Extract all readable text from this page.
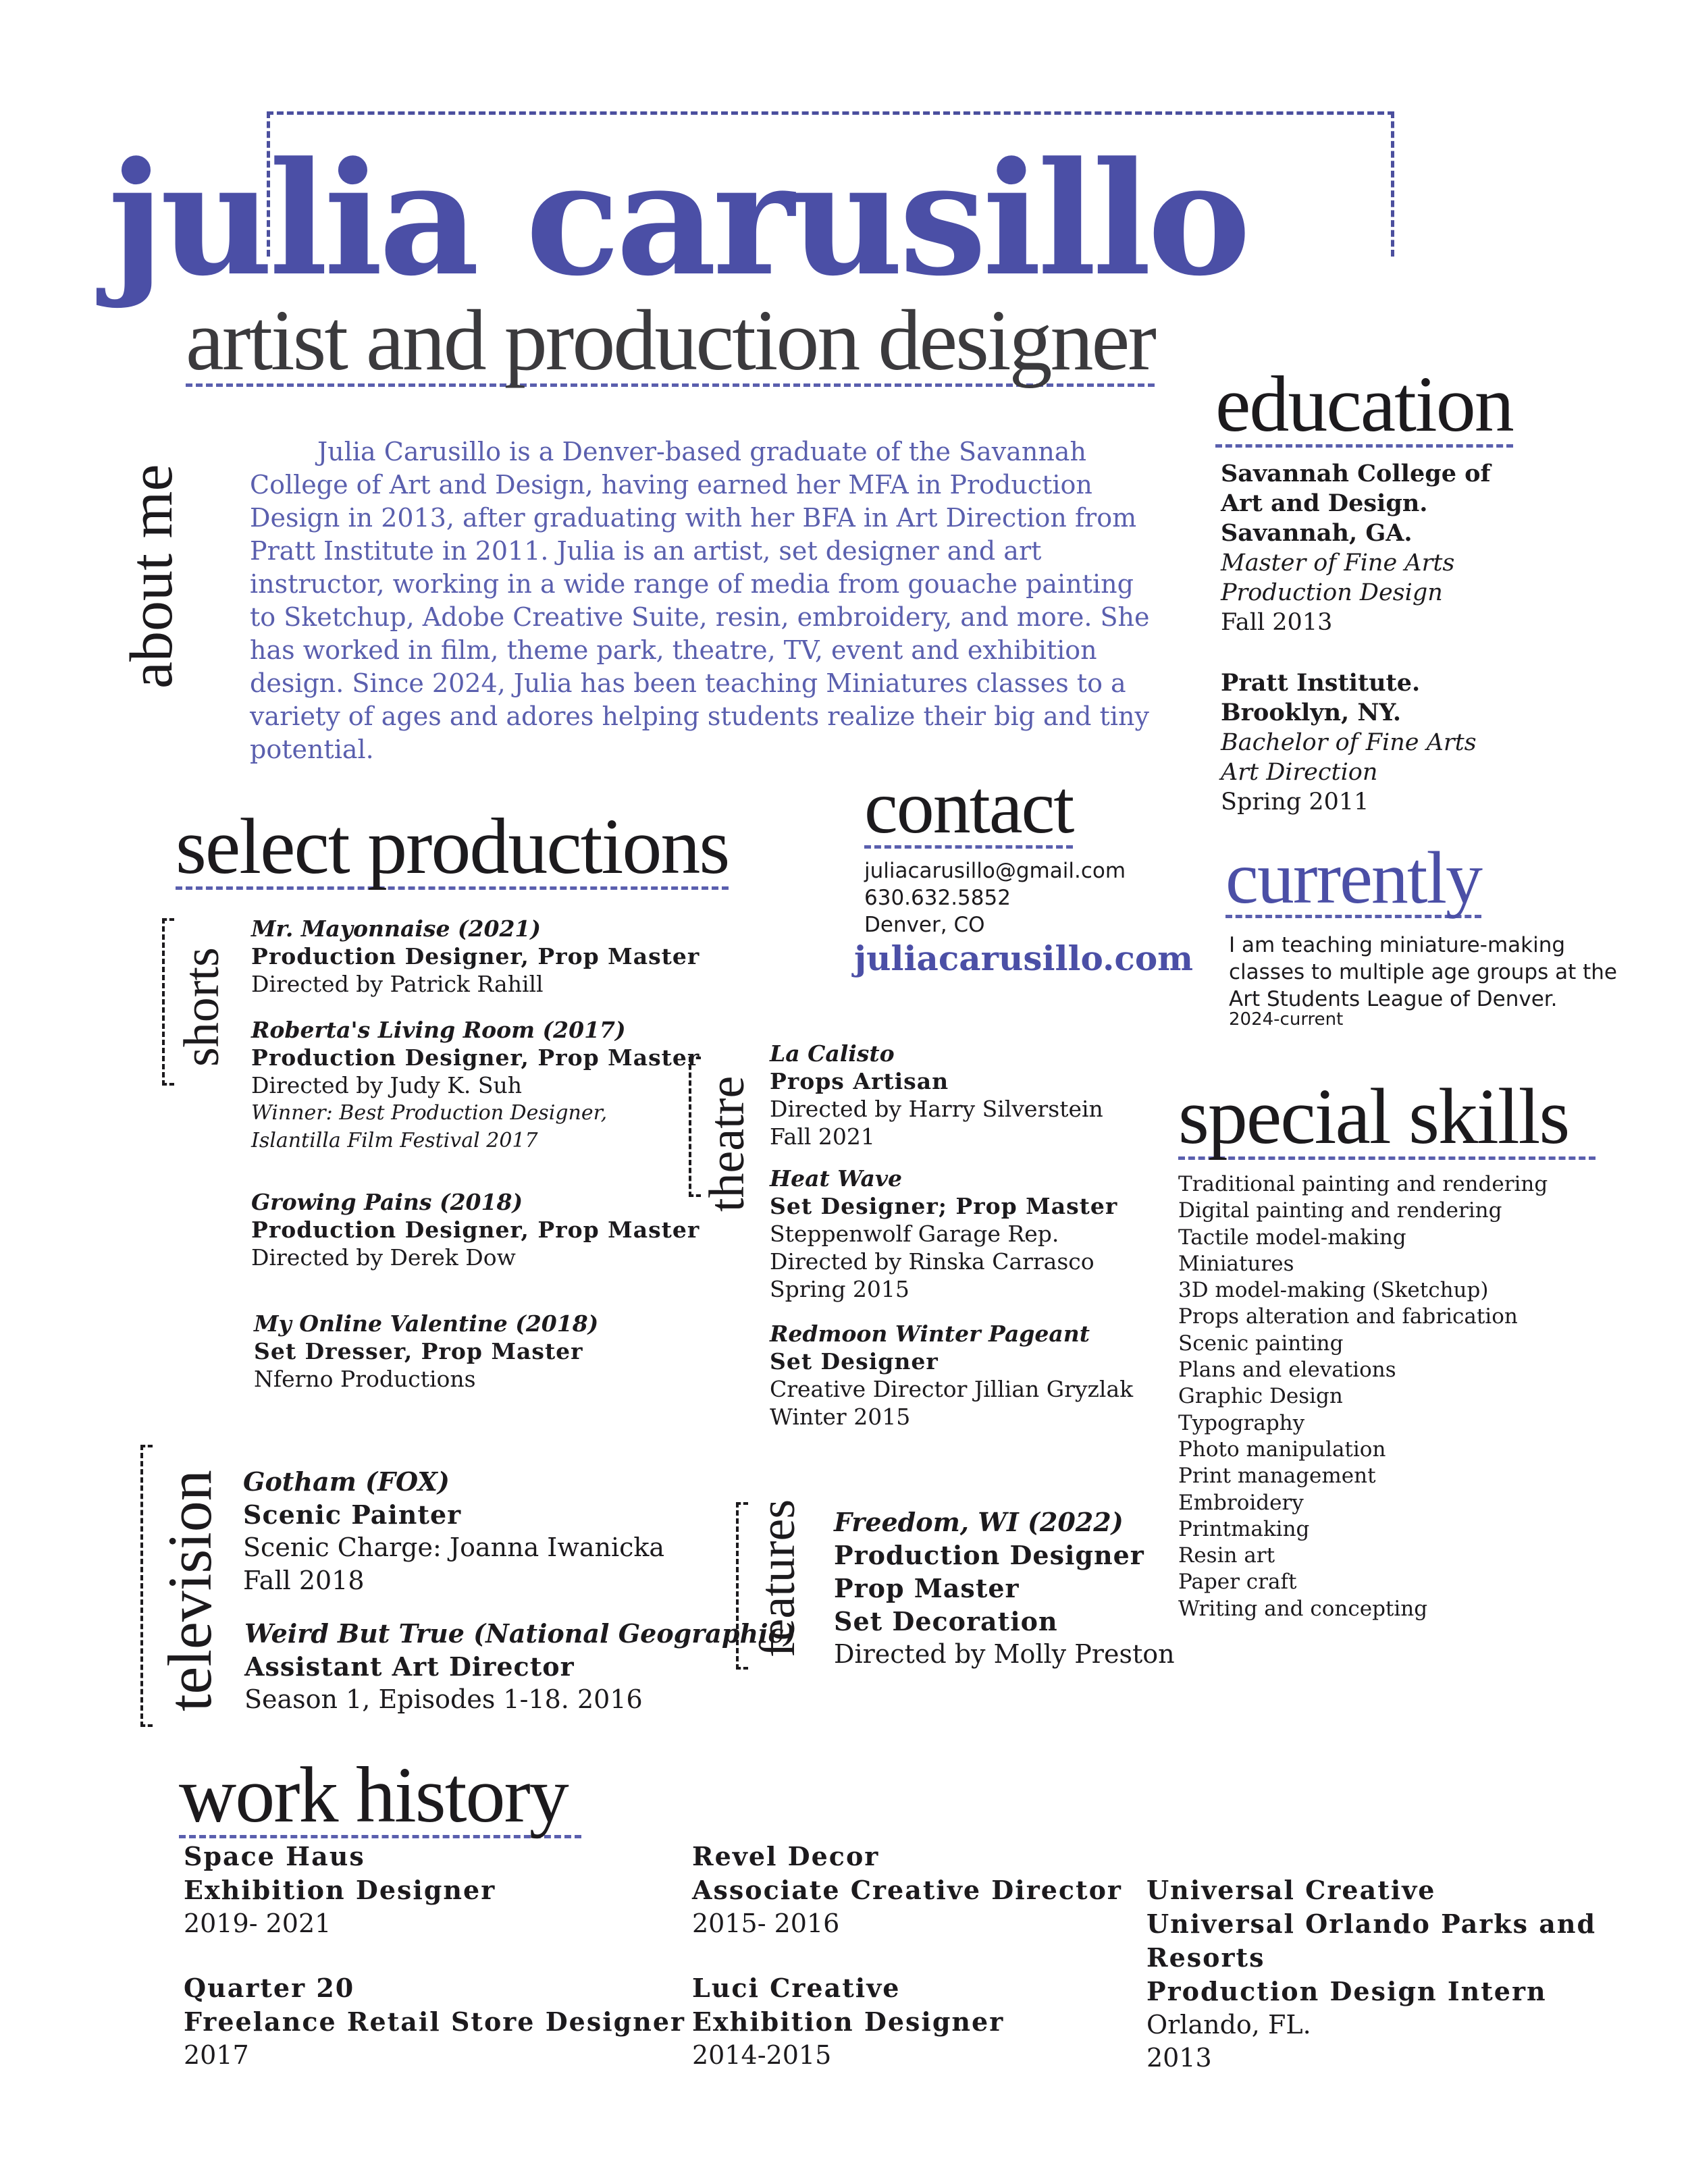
julia carusillo
artist and production designer
about me
Julia Carusillo is a Denver-based graduate of the Savannah College of Art and Design, having earned her MFA in Production Design in 2013, after graduating with her BFA in Art Direction from Pratt Institute in 2011. Julia is an artist, set designer and art instructor, working in a wide range of media from gouache painting to Sketchup, Adobe Creative Suite, resin, embroidery, and more. She has worked in film, theme park, theatre, TV, event and exhibition design. Since 2024, Julia has been teaching Miniatures classes to a variety of ages and adores helping students realize their big and tiny potential.
education
Savannah College of
Art and Design.
Savannah, GA.
Master of Fine Arts
Production Design
Fall 2013
Pratt Institute.
Brooklyn, NY.
Bachelor of Fine Arts
Art Direction
Spring 2011
contact
juliacarusillo@gmail.com
630.632.5852
Denver, CO
juliacarusillo.com
currently
I am teaching miniature-making classes to multiple age groups at the Art Students League of Denver.
2024-current
special skills
Traditional painting and rendering
Digital painting and rendering
Tactile model-making
Miniatures
3D model-making (Sketchup)
Props alteration and fabrication
Scenic painting
Plans and elevations
Graphic Design
Typography
Photo manipulation
Print management
Embroidery
Printmaking
Resin art
Paper craft
Writing and concepting
select productions
shorts
Mr. Mayonnaise (2021)
Production Designer, Prop Master
Directed by Patrick Rahill
Roberta's Living Room (2017)
Production Designer, Prop Master
Directed by Judy K. Suh
Winner: Best Production Designer,
Islantilla Film Festival 2017
Growing Pains (2018)
Production Designer, Prop Master
Directed by Derek Dow
My Online Valentine (2018)
Set Dresser, Prop Master
Nferno Productions
theatre
La Calisto
Props Artisan
Directed by Harry Silverstein
Fall 2021
Heat Wave
Set Designer; Prop Master
Steppenwolf Garage Rep.
Directed by Rinska Carrasco
Spring 2015
Redmoon Winter Pageant
Set Designer
Creative Director Jillian Gryzlak
Winter 2015
television Gotham (FOX)
Scenic Painter
Scenic Charge: Joanna Iwanicka
Fall 2018
Weird But True (National Geographic)
Assistant Art Director
Season 1, Episodes 1-18. 2016
features Freedom, WI (2022)
Production Designer
Prop Master
Set Decoration
Directed by Molly Preston
work history
Space Haus
Exhibition Designer
2019- 2021
Quarter 20
Freelance Retail Store Designer
2017
Revel Decor
Associate Creative Director
2015- 2016
Luci Creative
Exhibition Designer
2014-2015
Universal Creative
Universal Orlando Parks and
Resorts
Production Design Intern
Orlando, FL.
2013
